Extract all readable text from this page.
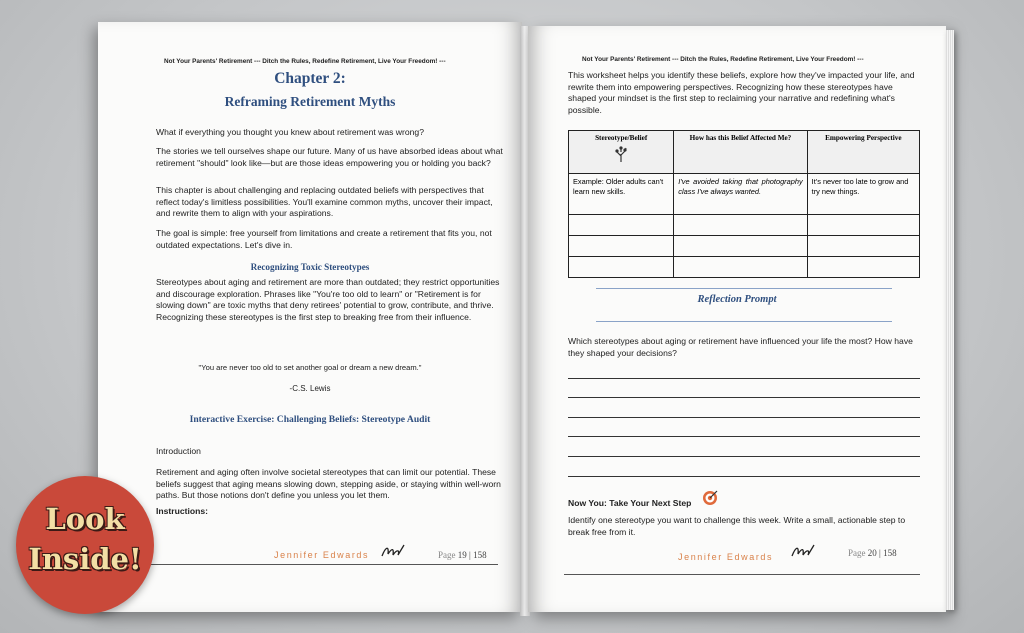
Not Your Parents' Retirement --- Ditch the Rules, Redefine Retirement, Live Your Freedom! ---
Chapter 2:
Reframing Retirement Myths
What if everything you thought you knew about retirement was wrong?
The stories we tell ourselves shape our future. Many of us have absorbed ideas about what retirement "should" look like—but are those ideas empowering you or holding you back?
This chapter is about challenging and replacing outdated beliefs with perspectives that reflect today's limitless possibilities. You'll examine common myths, uncover their impact, and rewrite them to align with your aspirations.
The goal is simple: free yourself from limitations and create a retirement that fits you, not outdated expectations. Let's dive in.
Recognizing Toxic Stereotypes
Stereotypes about aging and retirement are more than outdated; they restrict opportunities and discourage exploration. Phrases like "You're too old to learn" or "Retirement is for slowing down" are toxic myths that deny retirees' potential to grow, contribute, and thrive. Recognizing these stereotypes is the first step to breaking free from their influence.
"You are never too old to set another goal or dream a new dream."
-C.S. Lewis
Interactive Exercise: Challenging Beliefs: Stereotype Audit
Introduction
Retirement and aging often involve societal stereotypes that can limit our potential. These beliefs suggest that aging means slowing down, stepping aside, or staying within well-worn paths. But those notions don't define you unless you let them.
Instructions:
Jennifer Edwards	Page 19 | 158
Not Your Parents' Retirement --- Ditch the Rules, Redefine Retirement, Live Your Freedom! ---
This worksheet helps you identify these beliefs, explore how they've impacted your life, and rewrite them into empowering perspectives. Recognizing how these stereotypes have shaped your mindset is the first step to reclaiming your narrative and redefining what's possible.
Stereotype/Belief	How has this Belief Affected Me?	Empowering Perspective
Example: Older adults can't learn new skills.	I've avoided taking that photography class I've always wanted.	It's never too late to grow and try new things.

Reflection Prompt
Which stereotypes about aging or retirement have influenced your life the most? How have they shaped your decisions?
Now You: Take Your Next Step
Identify one stereotype you want to challenge this week. Write a small, actionable step to break free from it.
Jennifer Edwards	Page 20 | 158
Look
Inside!
